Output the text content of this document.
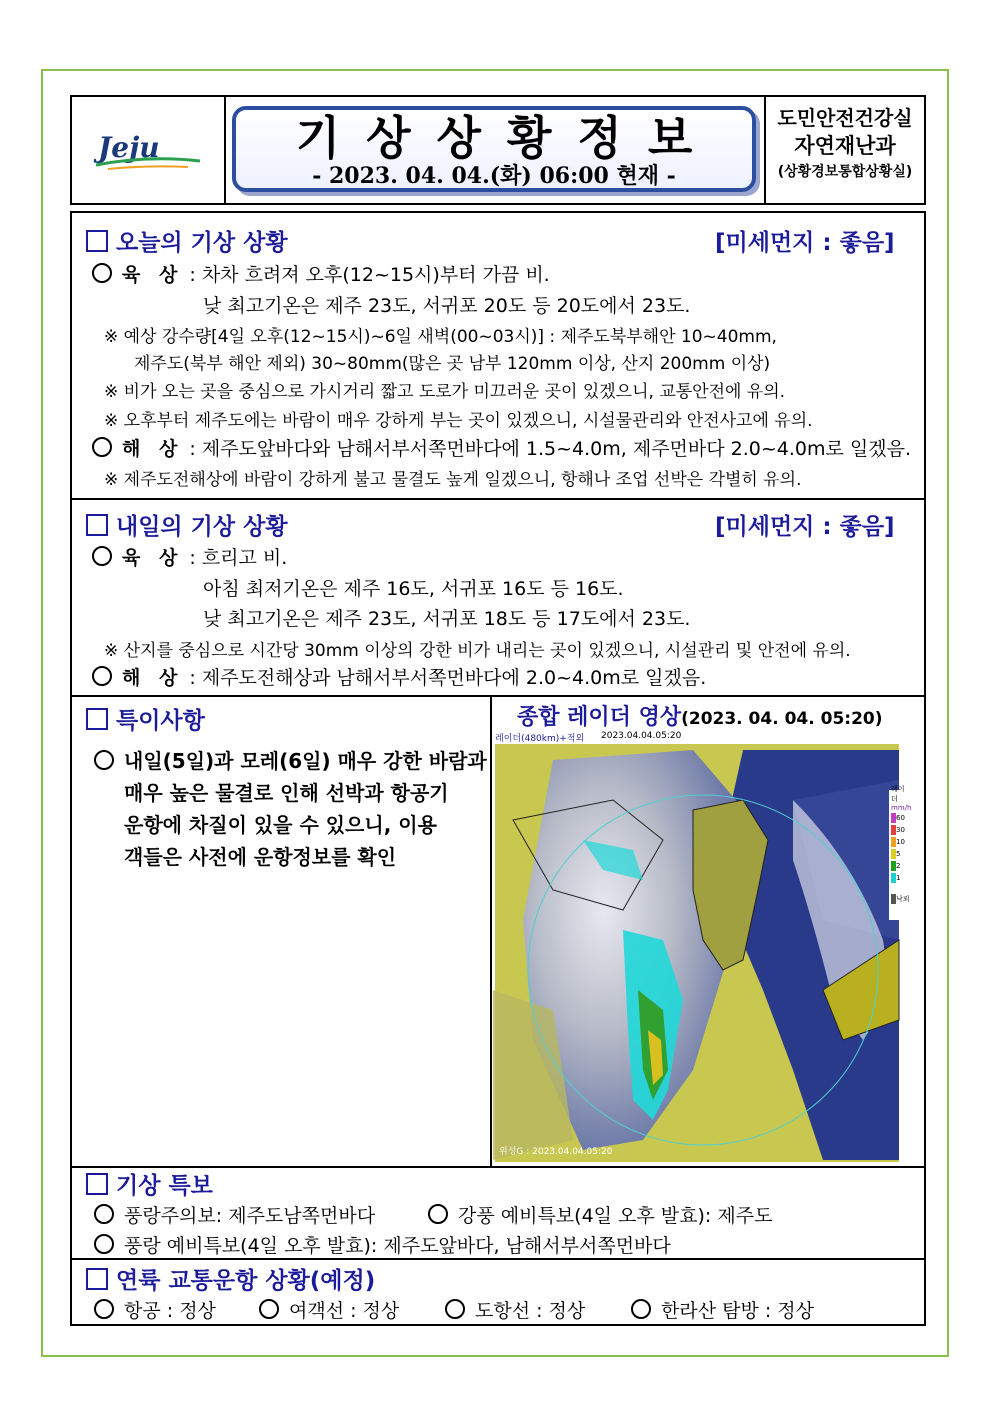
Jeju	기상상황정보
- 2023. 04. 04.(화) 06:00 현재 -
도민안전건강실
자연재난과
(상황경보통합상황실)
오늘의 기상 상황	[미세먼지 : 좋음]
육 상 : 차차 흐려져 오후(12~15시)부터 가끔 비.
낮 최고기온은 제주 23도, 서귀포 20도 등 20도에서 23도.
※ 예상 강수량[4일 오후(12~15시)~6일 새벽(00~03시)] : 제주도북부해안 10~40mm,
제주도(북부 해안 제외) 30~80mm(많은 곳 남부 120mm 이상, 산지 200mm 이상)
※ 비가 오는 곳을 중심으로 가시거리 짧고 도로가 미끄러운 곳이 있겠으니, 교통안전에 유의.
※ 오후부터 제주도에는 바람이 매우 강하게 부는 곳이 있겠으니, 시설물관리와 안전사고에 유의.
해 상 : 제주도앞바다와 남해서부서쪽먼바다에 1.5~4.0m, 제주먼바다 2.0~4.0m로 일겠음.
※ 제주도전해상에 바람이 강하게 불고 물결도 높게 일겠으니, 항해나 조업 선박은 각별히 유의.
내일의 기상 상황	[미세먼지 : 좋음]
육 상 : 흐리고 비.
아침 최저기온은 제주 16도, 서귀포 16도 등 16도.
낮 최고기온은 제주 23도, 서귀포 18도 등 17도에서 23도.
※ 산지를 중심으로 시간당 30mm 이상의 강한 비가 내리는 곳이 있겠으니, 시설관리 및 안전에 유의.
해 상 : 제주도전해상과 남해서부서쪽먼바다에 2.0~4.0m로 일겠음.
특이사항
내일(5일)과 모레(6일) 매우 강한 바람과
매우 높은 물결로 인해 선박과 항공기
운항에 차질이 있을 수 있으니, 이용
객들은 사전에 운항정보를 확인
종합 레이더 영상(2023. 04. 04. 05:20)
레이더(480km)+적외 2023.04.04.05:20
위성G : 2023.04.04.05:20
레이더
mm/h
60
30
10
5
2
1
낙뢰
기상 특보
풍랑주의보: 제주도남쪽먼바다	강풍 예비특보(4일 오후 발효): 제주도
풍랑 예비특보(4일 오후 발효): 제주도앞바다, 남해서부서쪽먼바다
연륙 교통운항 상황(예정)
항공 : 정상	여객선 : 정상	도항선 : 정상	한라산 탐방 : 정상
